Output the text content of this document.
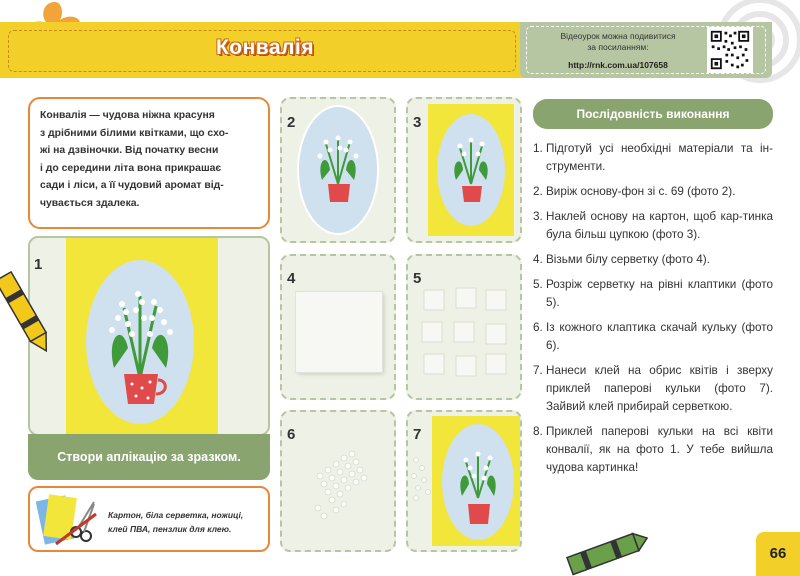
Конвалія	Відеоурок можна подивитися
за посиланням:
http://rnk.com.ua/107658
Конвалія — чудова ніжна красуня
з дрібними білими квітками, що схо-
жі на дзвіночки. Від початку весни
і до середини літа вона прикрашає
сади і ліси, а її чудовий аромат від-
чувається здалека.
1
Створи аплікацію за зразком.
Картон, біла серветка, ножиці,
клей ПВА, пензлик для клею.
2	3
4	5
6	7
Послідовність виконання
1. Підготуй усі необхідні матеріали та ін-струменти.
2. Виріж основу-фон зі с. 69 (фото 2).
3. Наклей основу на картон, щоб кар-тинка була більш цупкою (фото 3).
4. Візьми білу серветку (фото 4).
5. Розріж серветку на рівні клаптики (фото 5).
6. Із кожного клаптика скачай кульку (фото 6).
7. Нанеси клей на обрис квітів і зверху приклей паперові кульки (фото 7). Зайвий клей прибирай серветкою.
8. Приклей паперові кульки на всі квіти конвалії, як на фото 1. У тебе вийшла чудова картинка!
66
